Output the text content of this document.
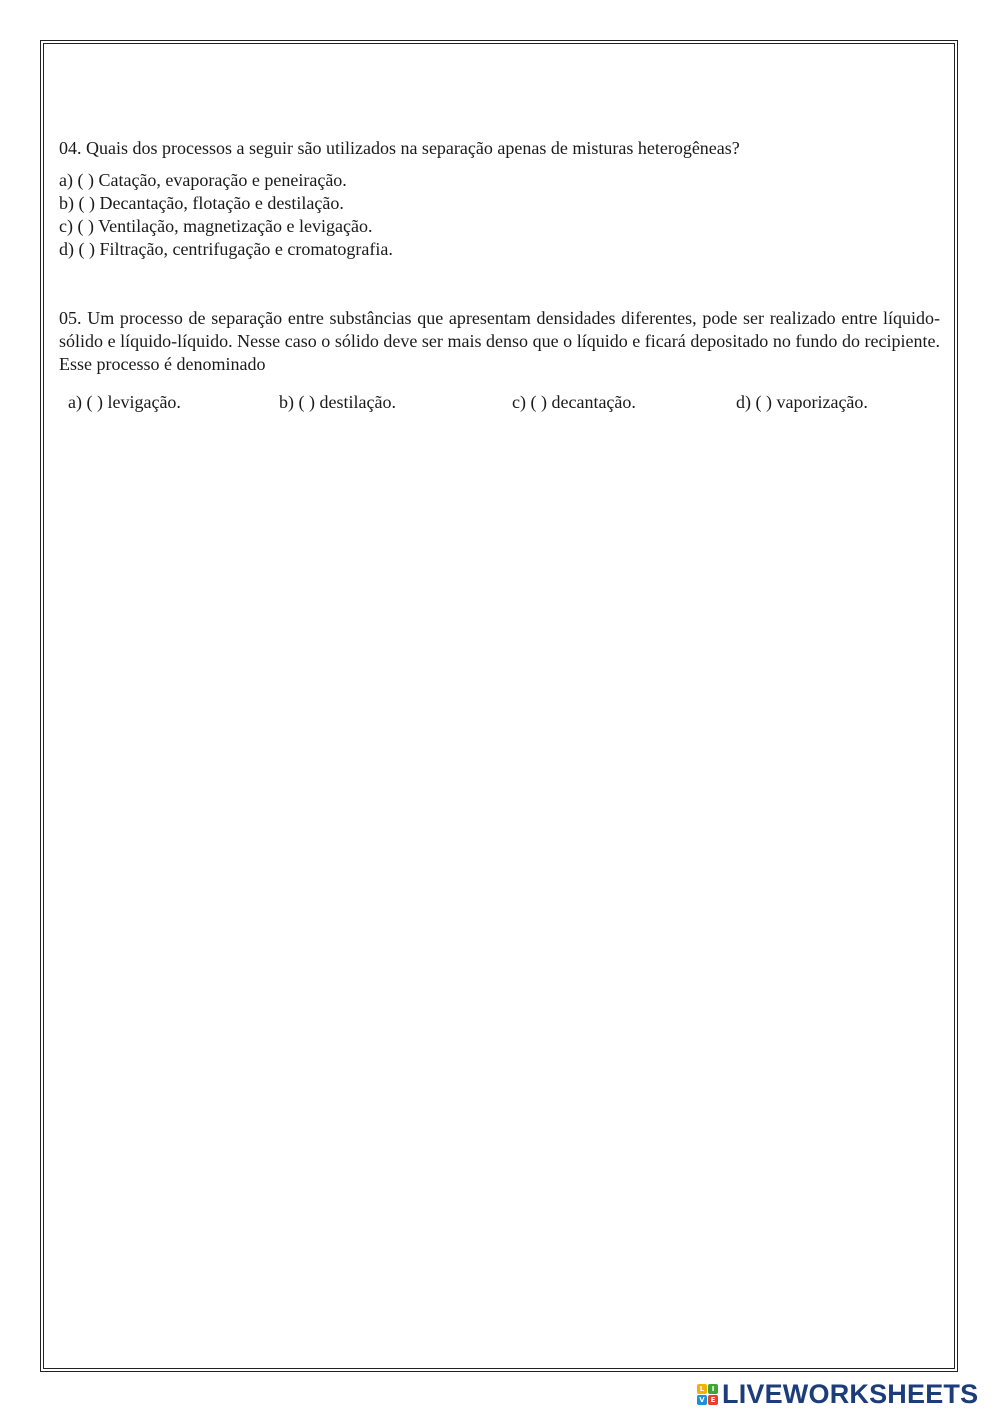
04. Quais dos processos a seguir são utilizados na separação apenas de misturas heterogêneas?

a) ( ) Catação, evaporação e peneiração.
b) ( ) Decantação, flotação e destilação.
c) ( ) Ventilação, magnetização e levigação.
d) ( ) Filtração, centrifugação e cromatografia.

05. Um processo de separação entre substâncias que apresentam densidades diferentes, pode ser realizado entre líquido-sólido e líquido-líquido. Nesse caso o sólido deve ser mais denso que o líquido e ficará depositado no fundo do recipiente. Esse processo é denominado

a) ( ) levigação.	b) ( ) destilação.	c) ( ) decantação.	d) ( ) vaporização.
L	I
V E LIVEWORKSHEETS
